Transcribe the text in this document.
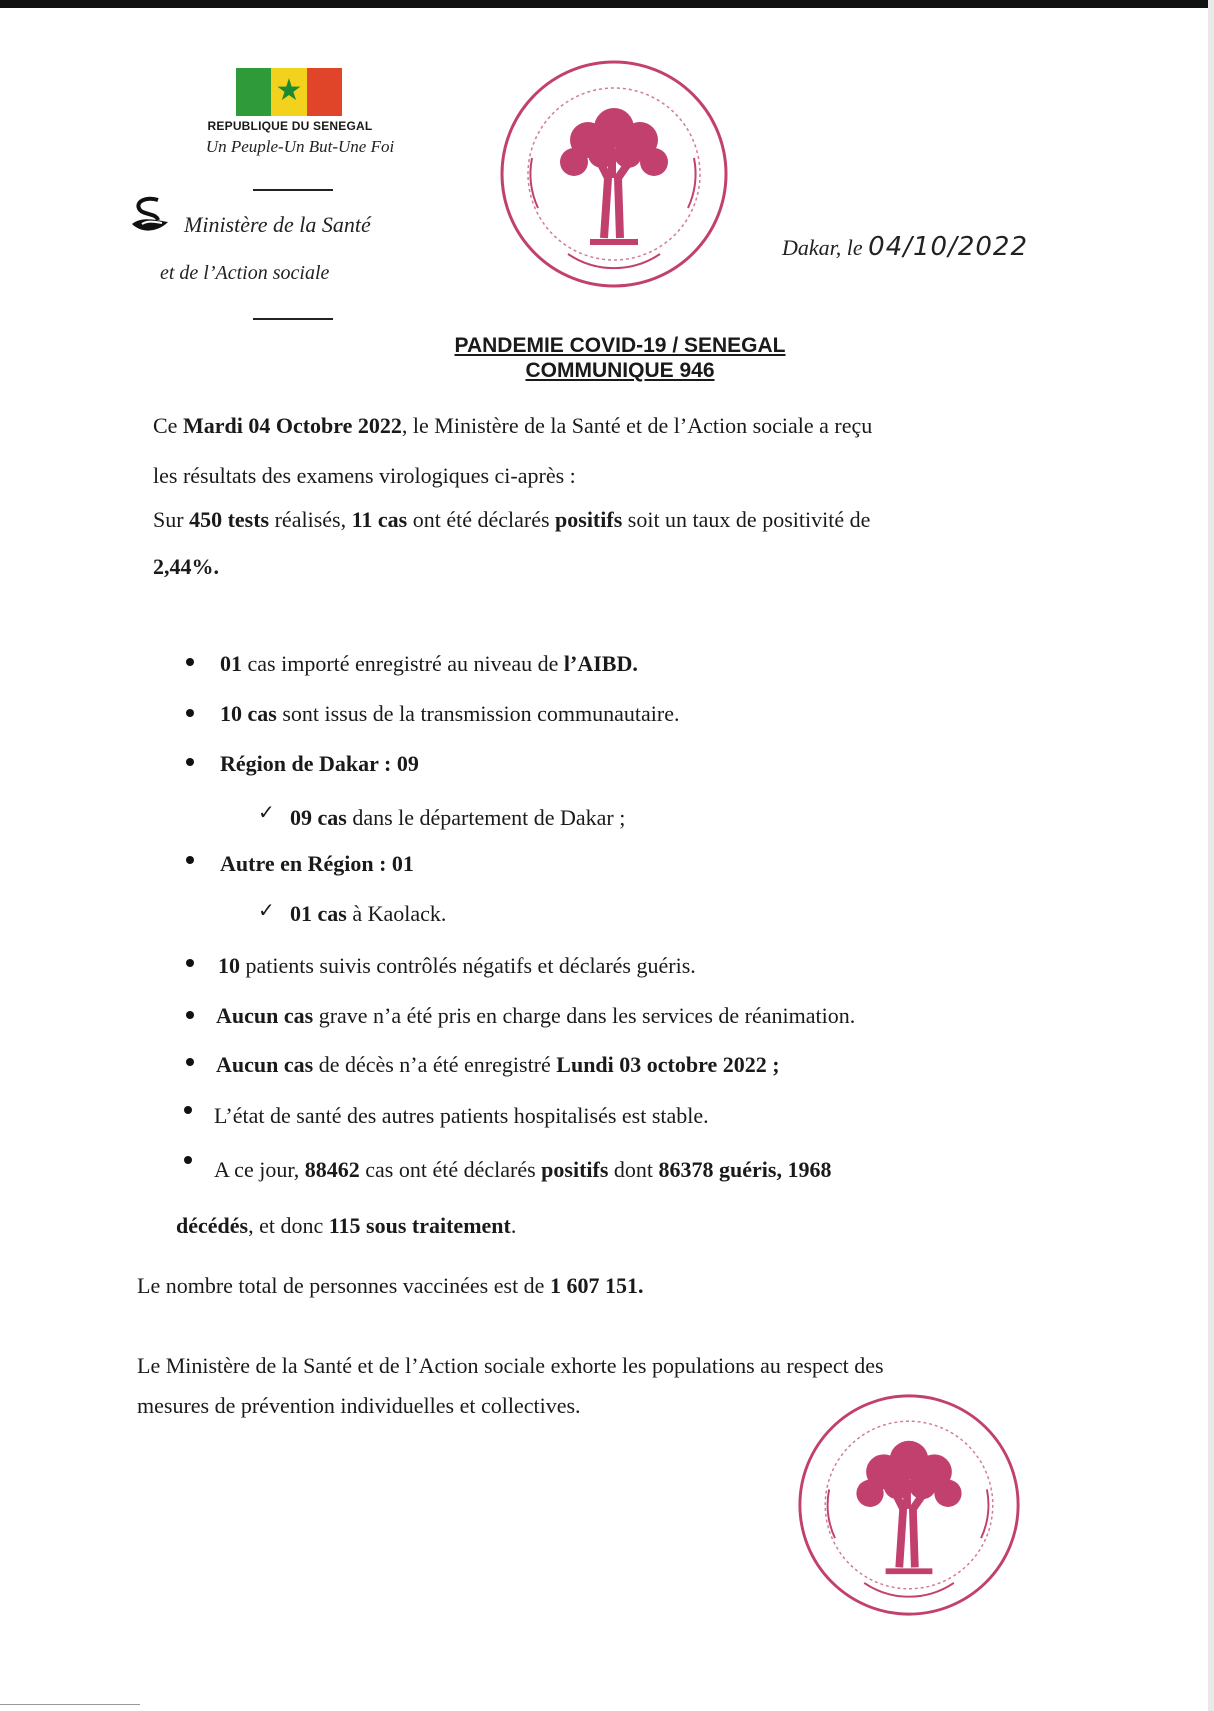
★
REPUBLIQUE DU SENEGAL
Un Peuple-Un But-Une Foi
Ministère de la Santé
et de l’Action sociale
Dakar, le 04/10/2022
PANDEMIE COVID-19 / SENEGAL
COMMUNIQUE 946
Ce Mardi 04 Octobre 2022, le Ministère de la Santé et de l’Action sociale a reçu
les résultats des examens virologiques ci-après :
Sur 450 tests réalisés, 11 cas ont été déclarés positifs soit un taux de positivité de
2,44%.
01 cas importé enregistré au niveau de l’AIBD.
10 cas sont issus de la transmission communautaire.
Région de Dakar : 09
✓ 09 cas dans le département de Dakar ;
Autre en Région : 01
✓ 01 cas à Kaolack.
10 patients suivis contrôlés négatifs et déclarés guéris.
Aucun cas grave n’a été pris en charge dans les services de réanimation.
Aucun cas de décès n’a été enregistré Lundi 03 octobre 2022 ;
L’état de santé des autres patients hospitalisés est stable.
A ce jour, 88462 cas ont été déclarés positifs dont 86378 guéris, 1968
décédés, et donc 115 sous traitement.
Le nombre total de personnes vaccinées est de 1 607 151.
Le Ministère de la Santé et de l’Action sociale exhorte les populations au respect des
mesures de prévention individuelles et collectives.
